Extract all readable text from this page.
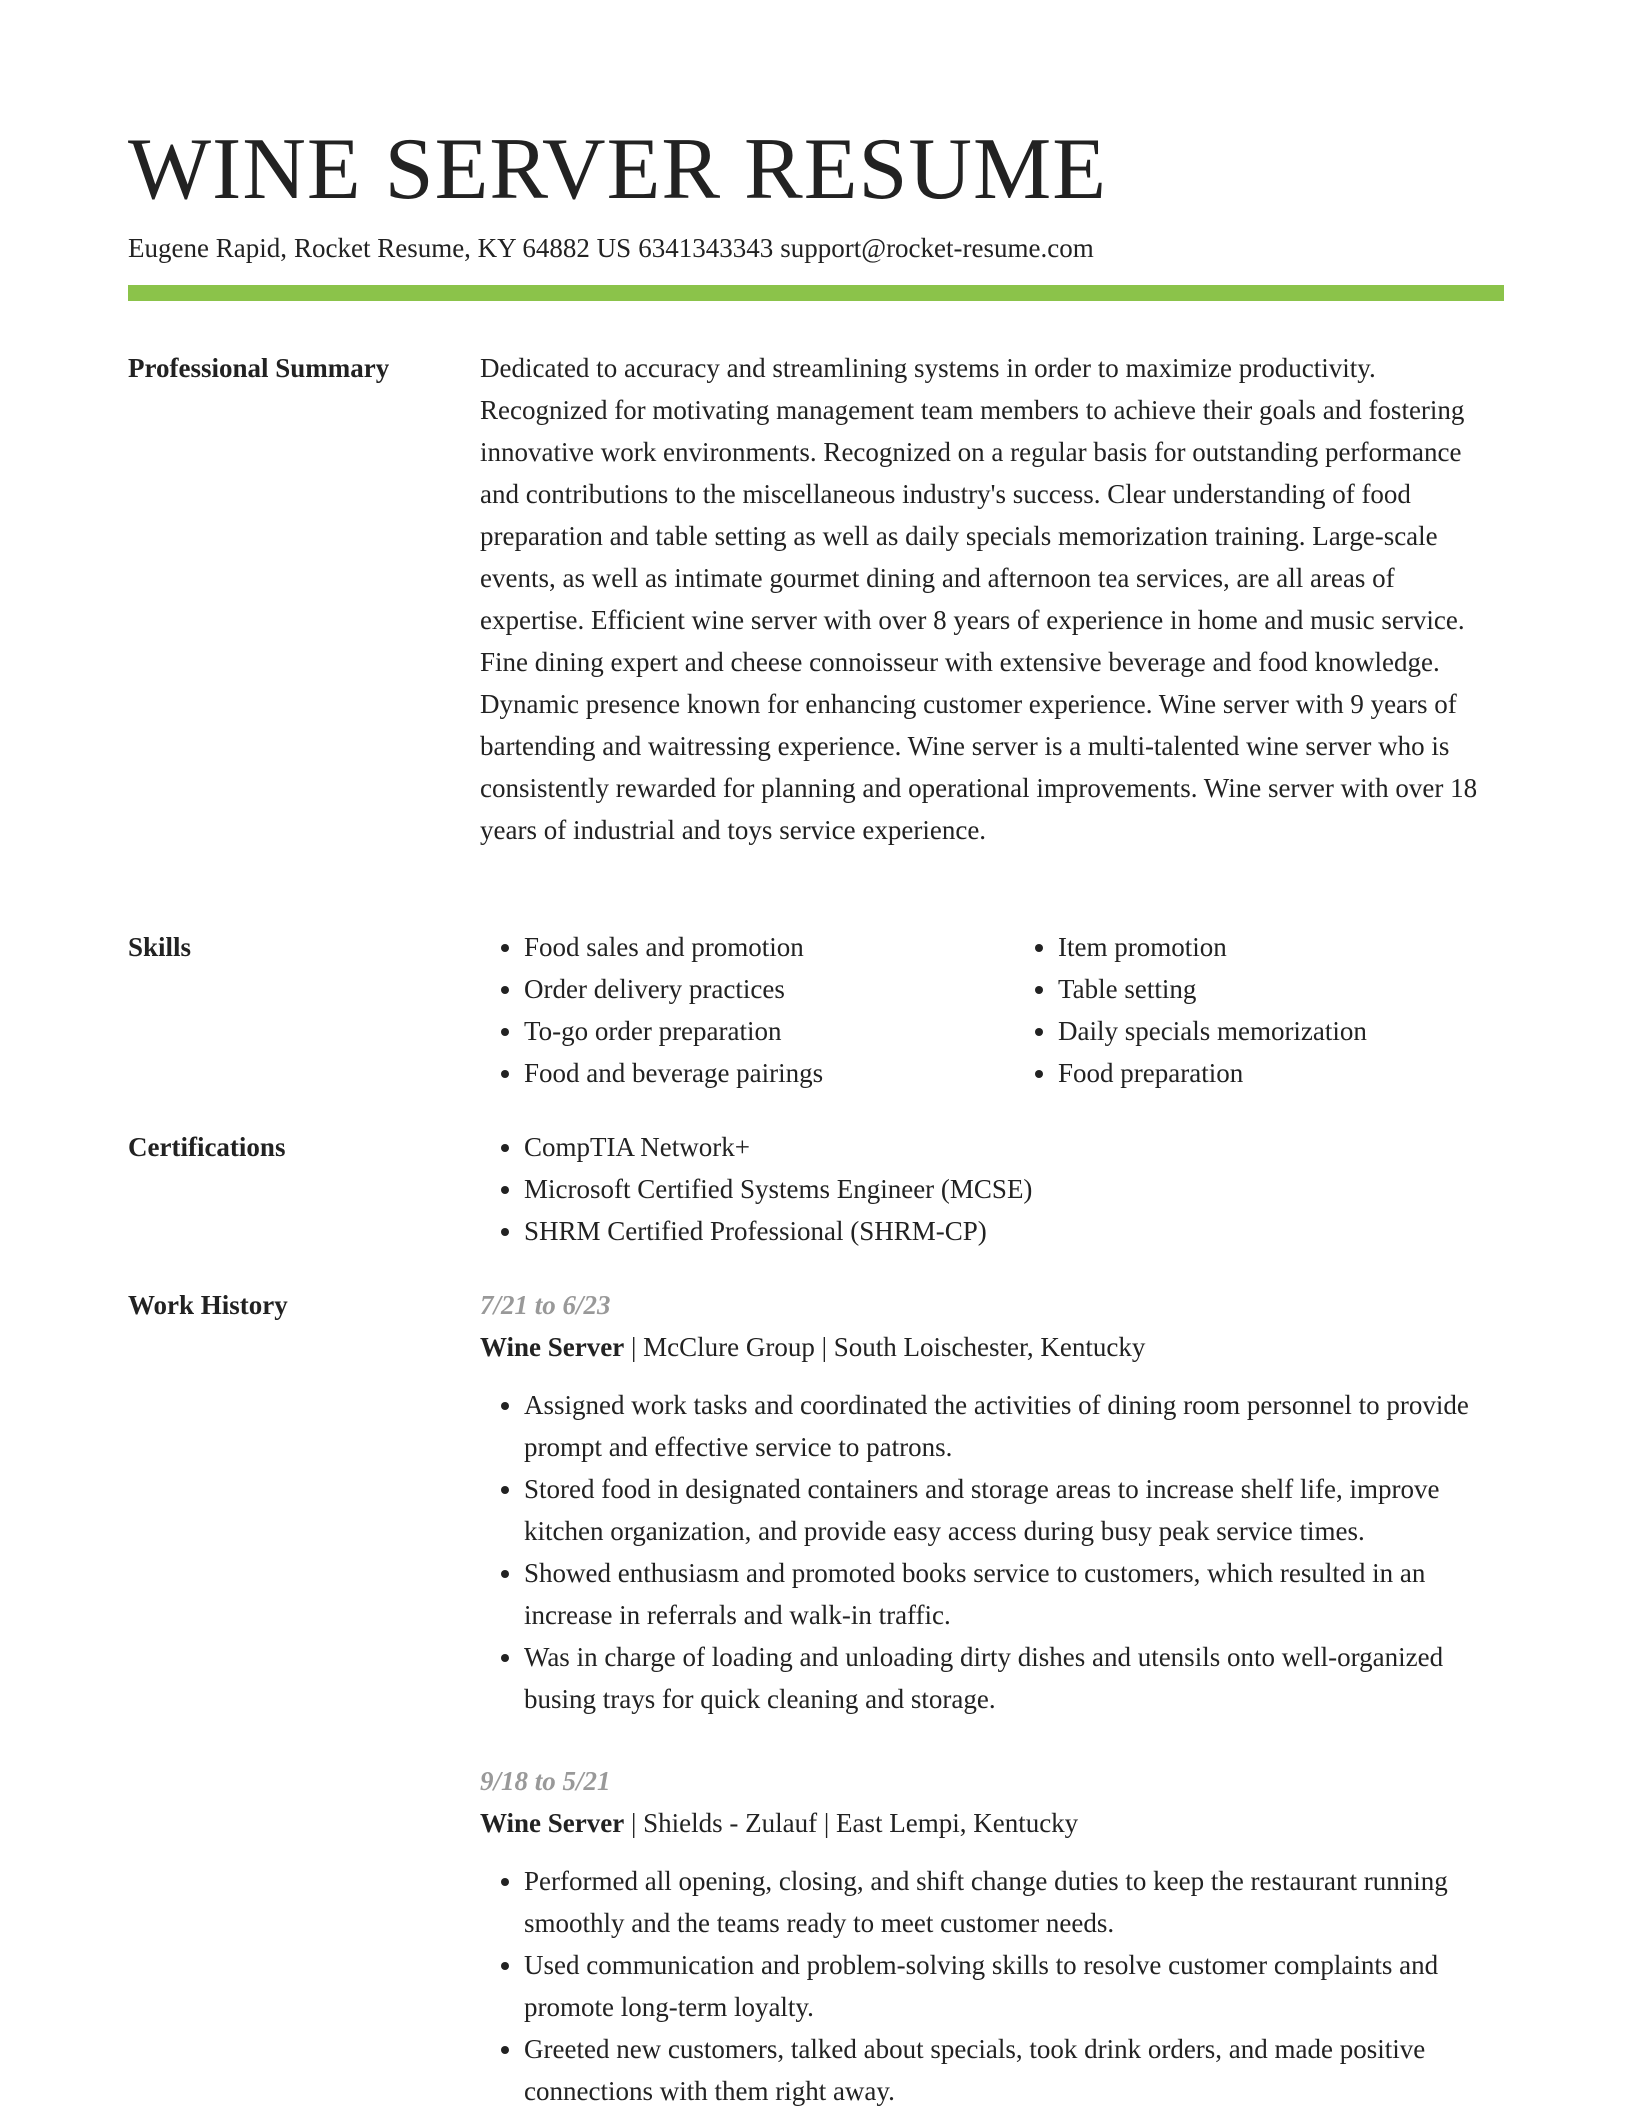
WINE SERVER RESUME
Eugene Rapid, Rocket Resume, KY 64882 US 6341343343 support@rocket-resume.com
Professional Summary	Dedicated to accuracy and streamlining systems in order to maximize productivity. Recognized for motivating management team members to achieve their goals and fostering innovative work environments. Recognized on a regular basis for outstanding performance and contributions to the miscellaneous industry's success. Clear understanding of food preparation and table setting as well as daily specials memorization training. Large-scale events, as well as intimate gourmet dining and afternoon tea services, are all areas of expertise. Efficient wine server with over 8 years of experience in home and music service. Fine dining expert and cheese connoisseur with extensive beverage and food knowledge. Dynamic presence known for enhancing customer experience. Wine server with 9 years of bartending and waitressing experience. Wine server is a multi-talented wine server who is consistently rewarded for planning and operational improvements. Wine server with over 18 years of industrial and toys service experience.

Skills	• Food sales and promotion
• Order delivery practices
• To-go order preparation
• Food and beverage pairings
• Item promotion
• Table setting
• Daily specials memorization
• Food preparation
Certifications	• CompTIA Network+
• Microsoft Certified Systems Engineer (MCSE)
• SHRM Certified Professional (SHRM-CP)
Work History	7/21 to 6/23
Wine Server | McClure Group | South Loischester, Kentucky
• Assigned work tasks and coordinated the activities of dining room personnel to provide prompt and effective service to patrons.
• Stored food in designated containers and storage areas to increase shelf life, improve kitchen organization, and provide easy access during busy peak service times.
• Showed enthusiasm and promoted books service to customers, which resulted in an increase in referrals and walk-in traffic.
• Was in charge of loading and unloading dirty dishes and utensils onto well-organized busing trays for quick cleaning and storage.
9/18 to 5/21
Wine Server | Shields - Zulauf | East Lempi, Kentucky
• Performed all opening, closing, and shift change duties to keep the restaurant running smoothly and the teams ready to meet customer needs.
• Used communication and problem-solving skills to resolve customer complaints and promote long-term loyalty.
• Greeted new customers, talked about specials, took drink orders, and made positive connections with them right away.
